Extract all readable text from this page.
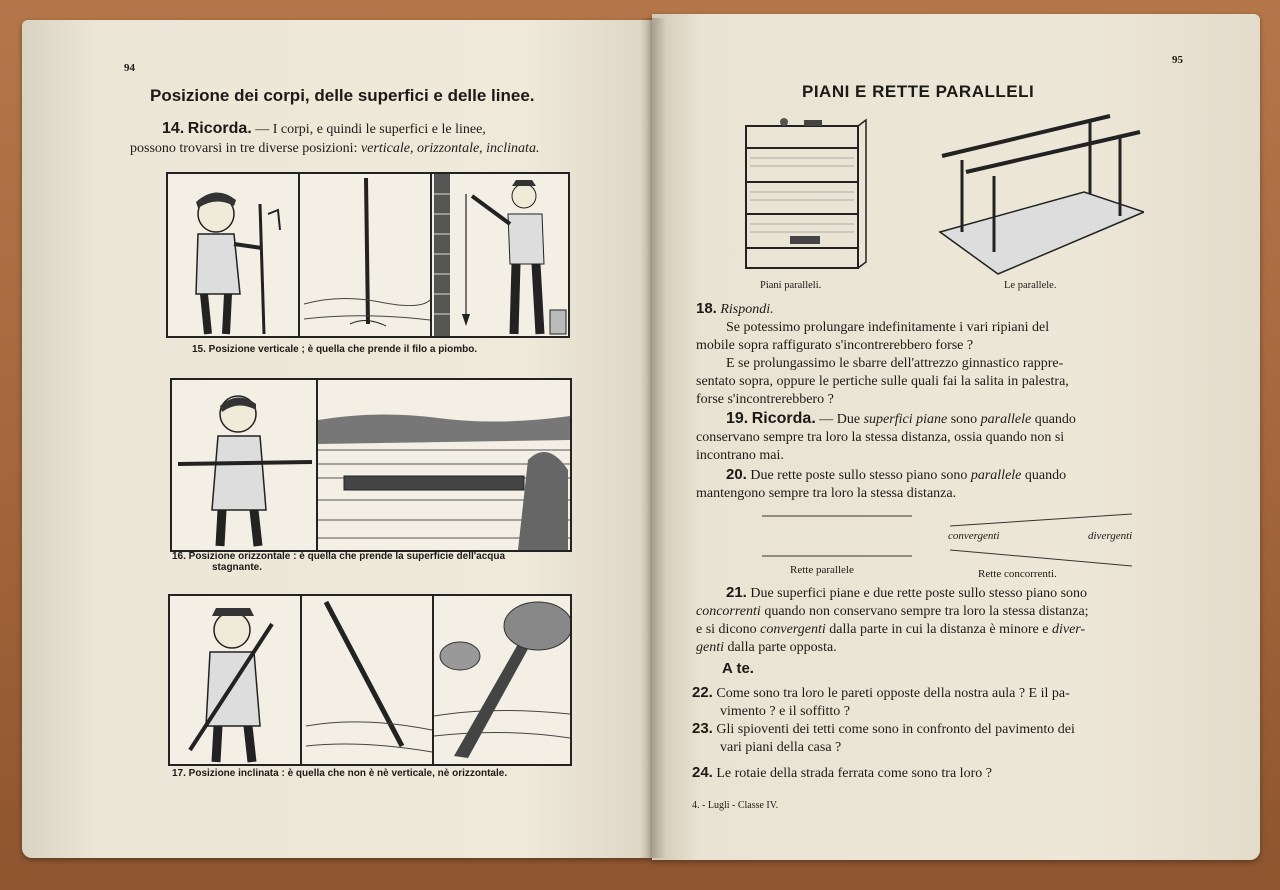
94
Posizione dei corpi, delle superfici e delle linee.
14. Ricorda. — I corpi, e quindi le superfici e le linee,
possono trovarsi in tre diverse posizioni: verticale, orizzontale, inclinata.
15. Posizione verticale ; è quella che prende il filo a piombo.
16. Posizione orizzontale : è quella che prende la superficie dell'acqua
stagnante.
17. Posizione inclinata : è quella che non è nè verticale, nè orizzontale.
95
PIANI E RETTE PARALLELI
Piani paralleli.	Le parallele.
18. Rispondi.
Se potessimo prolungare indefinitamente i vari ripiani del
mobile sopra raffigurato s'incontrerebbero forse ?
E se prolungassimo le sbarre dell'attrezzo ginnastico rappre-
sentato sopra, oppure le pertiche sulle quali fai la salita in palestra,
forse s'incontrerebbero ?
19. Ricorda. — Due superfici piane sono parallele quando
conservano sempre tra loro la stessa distanza, ossia quando non si
incontrano mai.
20. Due rette poste sullo stesso piano sono parallele quando
mantengono sempre tra loro la stessa distanza.
convergenti	divergenti
Rette parallele	Rette concorrenti.
21. Due superfici piane e due rette poste sullo stesso piano sono
concorrenti quando non conservano sempre tra loro la stessa distanza;
e si dicono convergenti dalla parte in cui la distanza è minore e diver-
genti dalla parte opposta.
A te.
22. Come sono tra loro le pareti opposte della nostra aula ? E il pa-
vimento ? e il soffitto ?
23. Gli spioventi dei tetti come sono in confronto del pavimento dei
vari piani della casa ?
24. Le rotaie della strada ferrata come sono tra loro ?
4. - Lugli - Classe IV.
